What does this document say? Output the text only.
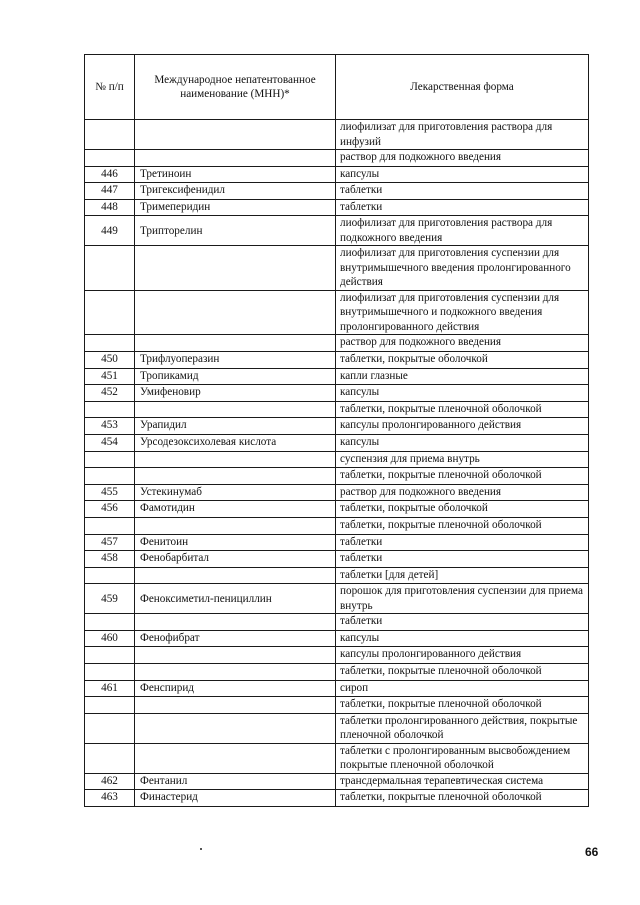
№ п/п	Международное непатентованное наименование (МНН)*	Лекарственная форма
		лиофилизат для приготовления раствора для инфузий
		раствор для подкожного введения
446	Третиноин	капсулы
447	Тригексифенидил	таблетки
448	Тримеперидин	таблетки
449	Трипторелин	лиофилизат для приготовления раствора для подкожного введения
		лиофилизат для приготовления суспензии для внутримышечного введения пролонгированного действия
		лиофилизат для приготовления суспензии для внутримышечного и подкожного введения пролонгированного действия
		раствор для подкожного введения
450	Трифлуоперазин	таблетки, покрытые оболочкой
451	Тропикамид	капли глазные
452	Умифеновир	капсулы
		таблетки, покрытые пленочной оболочкой
453	Урапидил	капсулы пролонгированного действия
454	Урсодезоксихолевая кислота	капсулы
		суспензия для приема внутрь
		таблетки, покрытые пленочной оболочкой
455	Устекинумаб	раствор для подкожного введения
456	Фамотидин	таблетки, покрытые оболочкой
		таблетки, покрытые пленочной оболочкой
457	Фенитоин	таблетки
458	Фенобарбитал	таблетки
		таблетки [для детей]
459	Феноксиметил-пенициллин	порошок для приготовления суспензии для приема внутрь
		таблетки
460	Фенофибрат	капсулы
		капсулы пролонгированного действия
		таблетки, покрытые пленочной оболочкой
461	Фенспирид	сироп
		таблетки, покрытые пленочной оболочкой
		таблетки пролонгированного действия, покрытые пленочной оболочкой
		таблетки с пролонгированным высвобождением покрытые пленочной оболочкой
462	Фентанил	трансдермальная терапевтическая система
463	Финастерид	таблетки, покрытые пленочной оболочкой
66
